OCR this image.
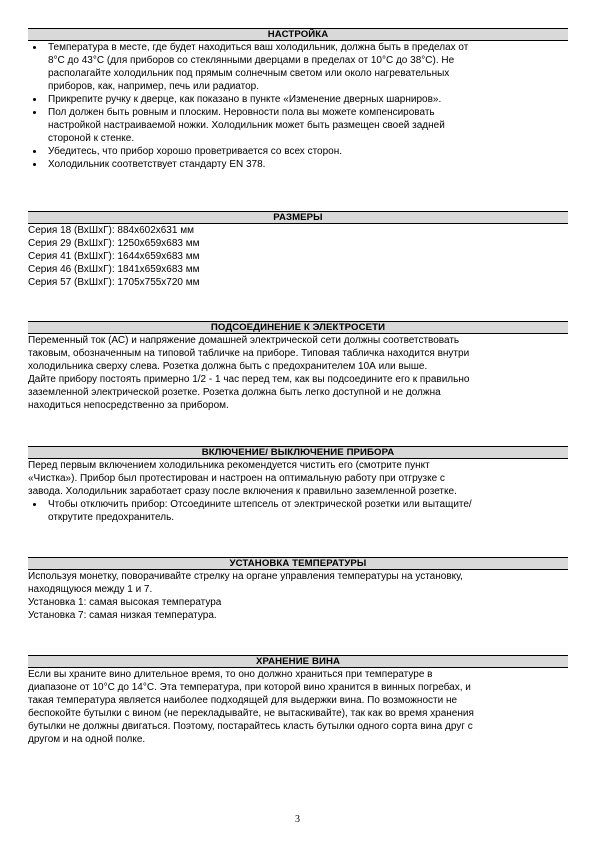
НАСТРОЙКА
Температура в месте, где будет находиться ваш холодильник, должна быть в пределах от
8°С до 43°С (для приборов со стеклянными дверцами в пределах от 10°С до 38°С). Не
располагайте холодильник под прямым солнечным светом или около нагревательных
приборов, как, например, печь или радиатор.
Прикрепите ручку к дверце, как показано в пункте «Изменение дверных шарниров».
Пол должен быть ровным и плоским. Неровности пола вы можете компенсировать
настройкой настраиваемой ножки. Холодильник может быть размещен своей задней
стороной к стенке.
Убедитесь, что прибор хорошо проветривается со всех сторон.
Холодильник соответствует стандарту EN 378.
РАЗМЕРЫ
Серия 18 (ВхШхГ): 884x602x631 мм
Серия 29 (ВхШхГ): 1250x659x683 мм
Серия 41 (ВхШхГ): 1644x659x683 мм
Серия 46 (ВхШхГ): 1841x659x683 мм
Серия 57 (ВхШхГ): 1705x755x720 мм
ПОДСОЕДИНЕНИЕ К ЭЛЕКТРОСЕТИ

Переменный ток (АС) и напряжение домашней электрической сети должны соответствовать
таковым, обозначенным на типовой табличке на приборе. Типовая табличка находится внутри
холодильника сверху слева. Розетка должна быть с предохранителем 10А или выше.

Дайте прибору постоять примерно 1/2 - 1 час перед тем, как вы подсоедините его к правильно
заземленной электрической розетке. Розетка должна быть легко доступной и не должна
находиться непосредственно за прибором.

ВКЛЮЧЕНИЕ/ ВЫКЛЮЧЕНИЕ ПРИБОРА

Перед первым включением холодильника рекомендуется чистить его (смотрите пункт
«Чистка»). Прибор был протестирован и настроен на оптимальную работу при отгрузке с
завода. Холодильник заработает сразу после включения к правильно заземленной розетке.

Чтобы отключить прибор: Отсоедините штепсель от электрической розетки или вытащите/
открутите предохранитель.
УСТАНОВКА ТЕМПЕРАТУРЫ

Используя монетку, поворачивайте стрелку на органе управления температуры на установку,
находящуюся между 1 и 7.

Установка 1: самая высокая температура

Установка 7: самая низкая температура.

ХРАНЕНИЕ ВИНА

Если вы храните вино длительное время, то оно должно храниться при температуре в
диапазоне от 10°С до 14°С. Эта температура, при которой вино хранится в винных погребах, и
такая температура является наиболее подходящей для выдержки вина. По возможности не
беспокойте бутылки с вином (не перекладывайте, не вытаскивайте), так как во время хранения
бутылки не должны двигаться. Поэтому, постарайтесь класть бутылки одного сорта вина друг с
другом и на одной полке.

3
